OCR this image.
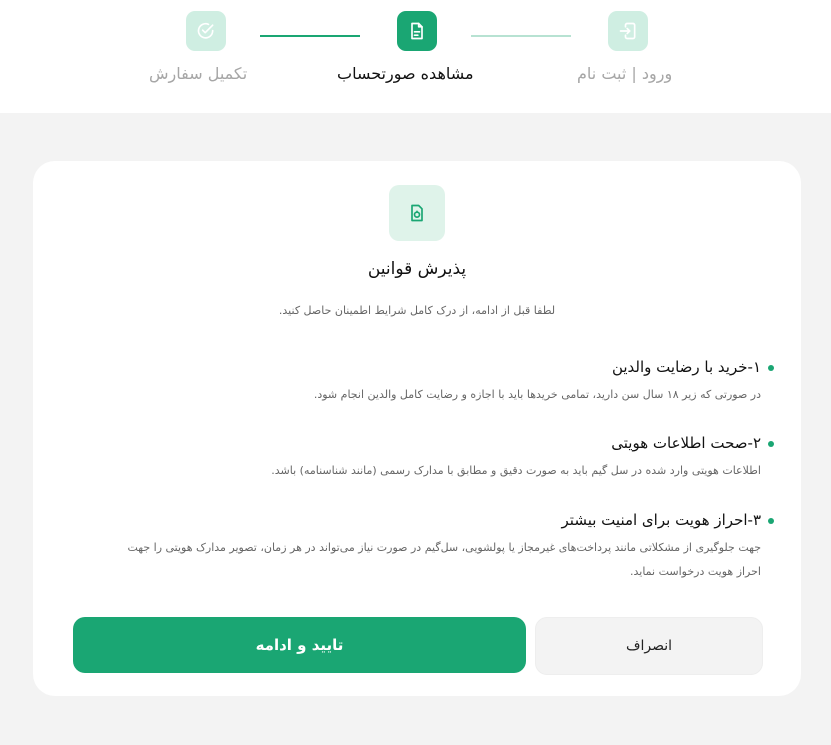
ورود | ثبت نام
مشاهده صورتحساب
تکمیل سفارش
پذیرش قوانین
لطفا قبل از ادامه، از درک کامل شرایط اطمینان حاصل کنید.
۱-خرید با رضایت والدین
در صورتی که زیر ۱۸ سال سن دارید، تمامی خریدها باید با اجازه و رضایت کامل والدین انجام شود.
۲-صحت اطلاعات هویتی
اطلاعات هویتی وارد شده در سل گیم باید به صورت دقیق و مطابق با مدارک رسمی (مانند شناسنامه) باشد.
۳-احراز هویت برای امنیت بیشتر
جهت جلوگیری از مشکلاتی مانند پرداخت‌های غیرمجاز یا پولشویی، سل‌گیم در صورت نیاز می‌تواند در هر زمان، تصویر مدارک هویتی را جهت
احراز هویت درخواست نماید.
انصراف
تایید و ادامه
